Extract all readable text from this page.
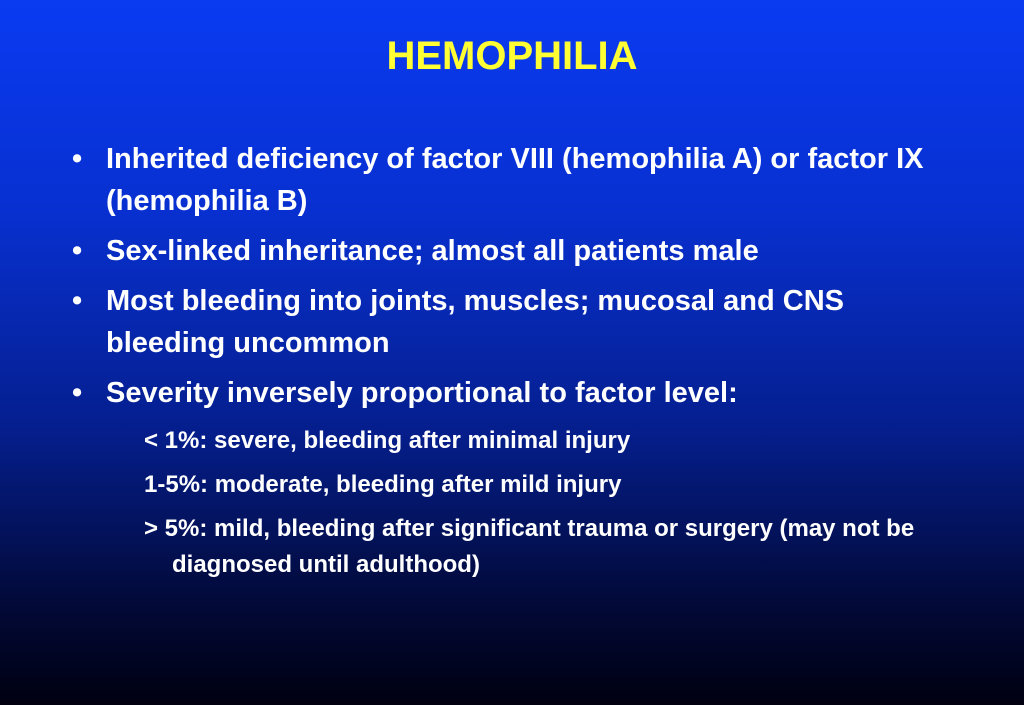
HEMOPHILIA
• Inherited deficiency of factor VIII (hemophilia A) or factor IX (hemophilia B)
• Sex-linked inheritance; almost all patients male
• Most bleeding into joints, muscles; mucosal and CNS bleeding uncommon
• Severity inversely proportional to factor level:
< 1%: severe, bleeding after minimal injury
1-5%: moderate, bleeding after mild injury
> 5%: mild, bleeding after significant trauma or surgery (may not be diagnosed until adulthood)
